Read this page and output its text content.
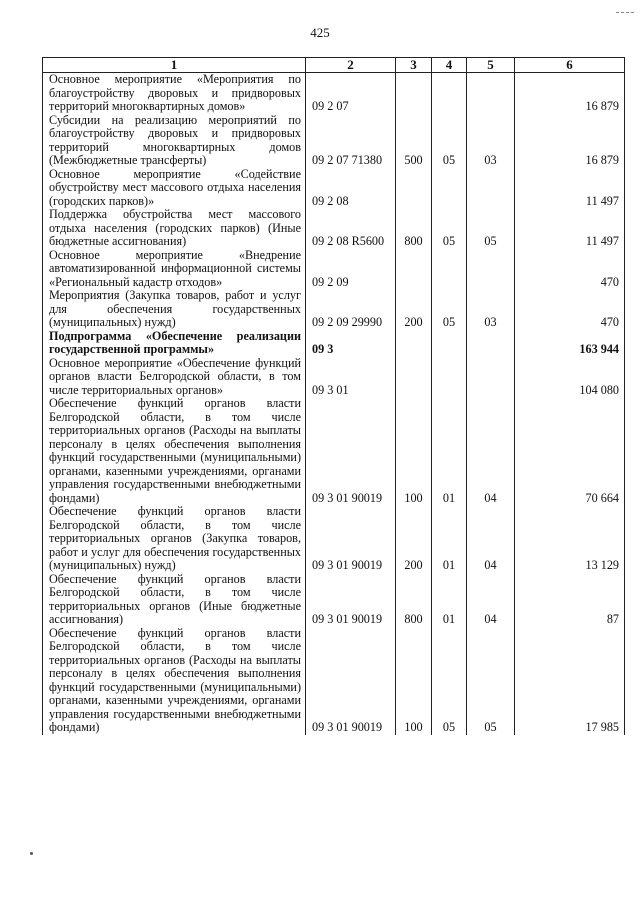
425
1	2	3	4	5	6
Основное мероприятие «Мероприятия по благоустройству дворовых и придворовых территорий многоквартирных домов»	09 2 07				16 879
Субсидии на реализацию мероприятий по благоустройству дворовых и придворовых территорий многоквартирных домов (Межбюджетные трансферты)	09 2 07 71380	500	05	03	16 879
Основное мероприятие «Содействие обустройству мест массового отдыха населения (городских парков)»	09 2 08				11 497
Поддержка обустройства мест массового отдыха населения (городских парков) (Иные бюджетные ассигнования)	09 2 08 R5600	800	05	05	11 497
Основное мероприятие «Внедрение автоматизированной информационной системы «Региональный кадастр отходов»	09 2 09				470
Мероприятия (Закупка товаров, работ и услуг для обеспечения государственных (муниципальных) нужд)	09 2 09 29990	200	05	03	470
Подпрограмма «Обеспечение реализации государственной программы»	09 3				163 944
Основное мероприятие «Обеспечение функций органов власти Белгородской области, в том числе территориальных органов»	09 3 01				104 080
Обеспечение функций органов власти Белгородской области, в том числе территориальных органов (Расходы на выплаты персоналу в целях обеспечения выполнения функций государственными (муниципальными) органами, казенными учреждениями, органами управления государственными внебюджетными фондами)	09 3 01 90019	100	01	04	70 664
Обеспечение функций органов власти Белгородской области, в том числе территориальных органов (Закупка товаров, работ и услуг для обеспечения государственных (муниципальных) нужд)	09 3 01 90019	200	01	04	13 129
Обеспечение функций органов власти Белгородской области, в том числе территориальных органов (Иные бюджетные ассигнования)	09 3 01 90019	800	01	04	87
Обеспечение функций органов власти Белгородской области, в том числе территориальных органов (Расходы на выплаты персоналу в целях обеспечения выполнения функций государственными (муниципальными) органами, казенными учреждениями, органами управления государственными внебюджетными фондами)	09 3 01 90019	100	05	05	17 985
